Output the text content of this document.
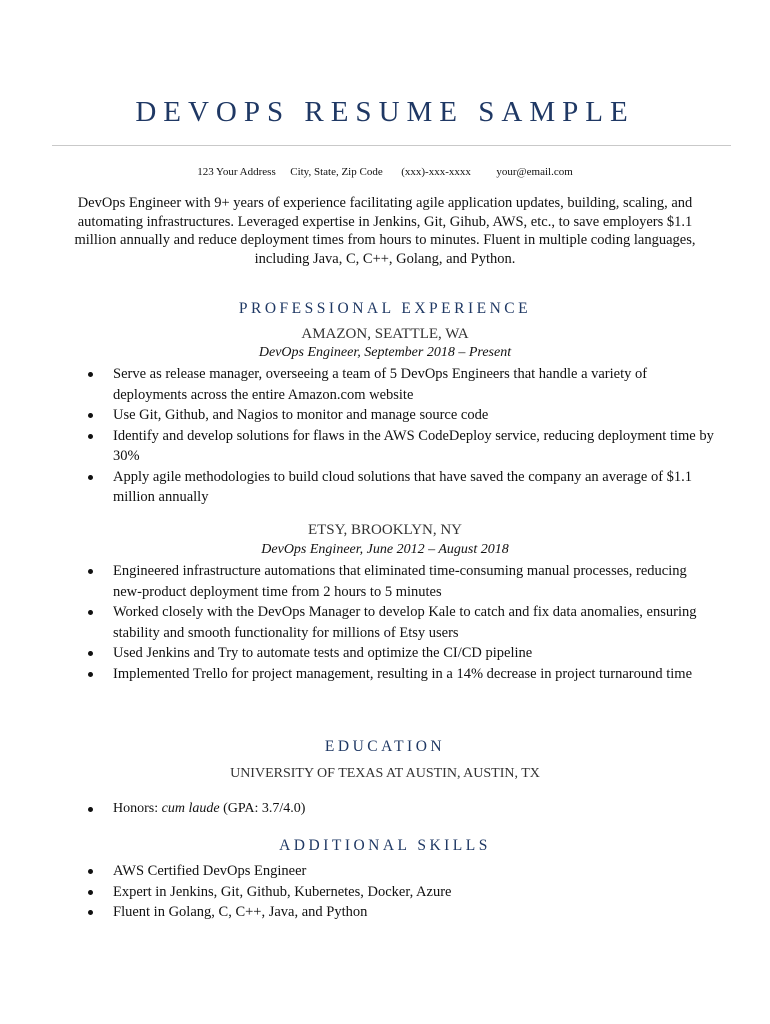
DEVOPS RESUME SAMPLE
123 Your Address City, State, Zip Code (xxx)-xxx-xxxx your@email.com
DevOps Engineer with 9+ years of experience facilitating agile application updates, building, scaling, and automating infrastructures. Leveraged expertise in Jenkins, Git, Gihub, AWS, etc., to save employers $1.1 million annually and reduce deployment times from hours to minutes. Fluent in multiple coding languages, including Java, C, C++, Golang, and Python.
PROFESSIONAL EXPERIENCE
AMAZON, SEATTLE, WA
DevOps Engineer, September 2018 – Present
Serve as release manager, overseeing a team of 5 DevOps Engineers that handle a variety of deployments across the entire Amazon.com website
Use Git, Github, and Nagios to monitor and manage source code
Identify and develop solutions for flaws in the AWS CodeDeploy service, reducing deployment time by 30%
Apply agile methodologies to build cloud solutions that have saved the company an average of $1.1 million annually
ETSY, BROOKLYN, NY
DevOps Engineer, June 2012 – August 2018
Engineered infrastructure automations that eliminated time-consuming manual processes, reducing new-product deployment time from 2 hours to 5 minutes
Worked closely with the DevOps Manager to develop Kale to catch and fix data anomalies, ensuring stability and smooth functionality for millions of Etsy users
Used Jenkins and Try to automate tests and optimize the CI/CD pipeline
Implemented Trello for project management, resulting in a 14% decrease in project turnaround time
EDUCATION
UNIVERSITY OF TEXAS AT AUSTIN, AUSTIN, TX
Honors: cum laude (GPA: 3.7/4.0)
ADDITIONAL SKILLS
AWS Certified DevOps Engineer
Expert in Jenkins, Git, Github, Kubernetes, Docker, Azure
Fluent in Golang, C, C++, Java, and Python
